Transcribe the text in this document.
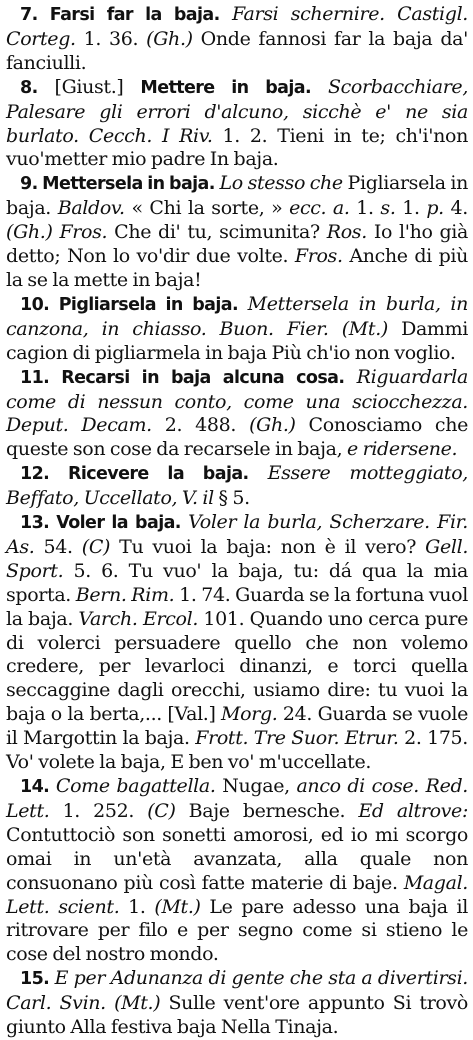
7. Farsi far la baja. Farsi schernire. Castigl. Corteg. 1. 36. (Gh.) Onde fannosi far la baja da' fanciulli.

8. [Giust.] Mettere in baja. Scorbacchiare, Palesare gli errori d'alcuno, sicchè e' ne sia burlato. Cecch. I Riv. 1. 2. Tieni in te; ch'i'non vuo'metter mio padre In baja.

9. Mettersela in baja. Lo stesso che Pigliarsela in baja. Baldov. « Chi la sorte, » ecc. a. 1. s. 1. p. 4. (Gh.) Fros. Che di' tu, scimunita? Ros. Io l'ho già detto; Non lo vo'dir due volte. Fros. Anche di più la se la mette in baja!

10. Pigliarsela in baja. Mettersela in burla, in canzona, in chiasso. Buon. Fier. (Mt.) Dammi cagion di pigliarmela in baja Più ch'io non voglio.

11. Recarsi in baja alcuna cosa. Riguardarla come di nessun conto, come una sciocchezza. Deput. Decam. 2. 488. (Gh.) Conosciamo che queste son cose da recarsele in baja, e ridersene.

12. Ricevere la baja. Essere motteggiato, Beffato, Uccellato, V. il § 5.

13. Voler la baja. Voler la burla, Scherzare. Fir. As. 54. (C) Tu vuoi la baja: non è il vero? Gell. Sport. 5. 6. Tu vuo' la baja, tu: dá qua la mia sporta. Bern. Rim. 1. 74. Guarda se la fortuna vuol la baja. Varch. Ercol. 101. Quando uno cerca pure di volerci persuadere quello che non volemo credere, per levarloci dinanzi, e torci quella seccaggine dagli orecchi, usiamo dire: tu vuoi la baja o la berta,... [Val.] Morg. 24. Guarda se vuole il Margottin la baja. Frott. Tre Suor. Etrur. 2. 175. Vo' volete la baja, E ben vo' m'uccellate.

14. Come bagattella. Nugae, anco di cose. Red. Lett. 1. 252. (C) Baje bernesche. Ed altrove: Contuttociò son sonetti amorosi, ed io mi scorgo omai in un'età avanzata, alla quale non consuonano più così fatte materie di baje. Magal. Lett. scient. 1. (Mt.) Le pare adesso una baja il ritrovare per filo e per segno come si stieno le cose del nostro mondo.

15. E per Adunanza di gente che sta a divertirsi. Carl. Svin. (Mt.) Sulle vent'ore appunto Si trovò giunto Alla festiva baja Nella Tinaja.
